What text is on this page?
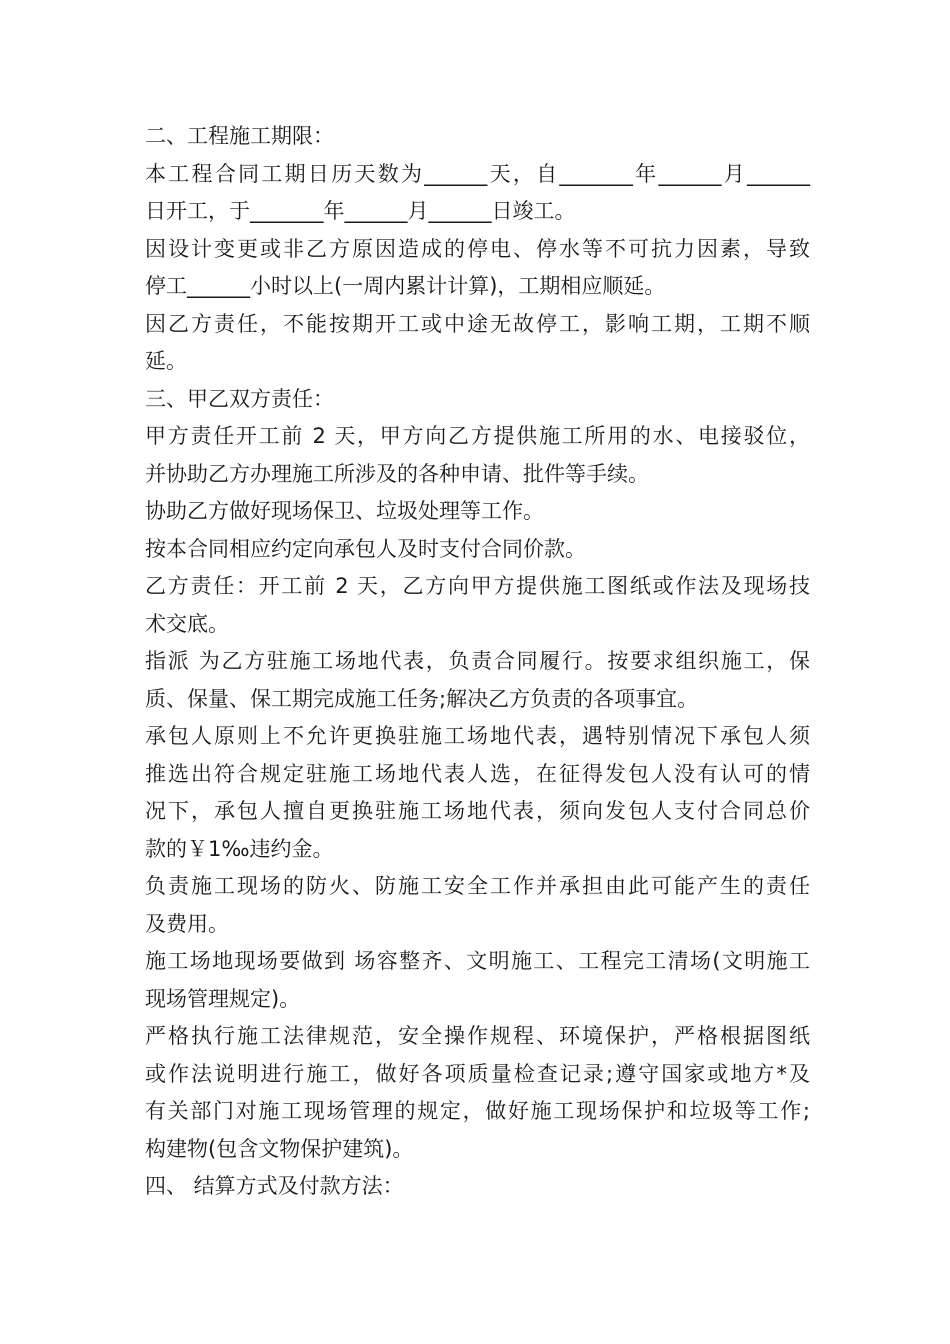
二、工程施工期限：
本工程合同工期日历天数为______天，自_______年______月______
日开工，于_______年______月______日竣工。
因设计变更或非乙方原因造成的停电、停水等不可抗力因素，导致
停工______小时以上(一周内累计计算)，工期相应顺延。
因乙方责任，不能按期开工或中途无故停工，影响工期，工期不顺
延。
三、甲乙双方责任：
甲方责任开工前 2 天，甲方向乙方提供施工所用的水、电接驳位，
并协助乙方办理施工所涉及的各种申请、批件等手续。
协助乙方做好现场保卫、垃圾处理等工作。
按本合同相应约定向承包人及时支付合同价款。
乙方责任：开工前 2 天，乙方向甲方提供施工图纸或作法及现场技
术交底。
指派 为乙方驻施工场地代表，负责合同履行。按要求组织施工，保
质、保量、保工期完成施工任务;解决乙方负责的各项事宜。
承包人原则上不允许更换驻施工场地代表，遇特别情况下承包人须
推选出符合规定驻施工场地代表人选，在征得发包人没有认可的情
况下，承包人擅自更换驻施工场地代表，须向发包人支付合同总价
款的￥1‰违约金。
负责施工现场的防火、防施工安全工作并承担由此可能产生的责任
及费用。
施工场地现场要做到 场容整齐、文明施工、工程完工清场(文明施工
现场管理规定)。
严格执行施工法律规范，安全操作规程、环境保护，严格根据图纸
或作法说明进行施工，做好各项质量检查记录;遵守国家或地方*及
有关部门对施工现场管理的规定，做好施工现场保护和垃圾等工作;
构建物(包含文物保护建筑)。
四、 结算方式及付款方法：
